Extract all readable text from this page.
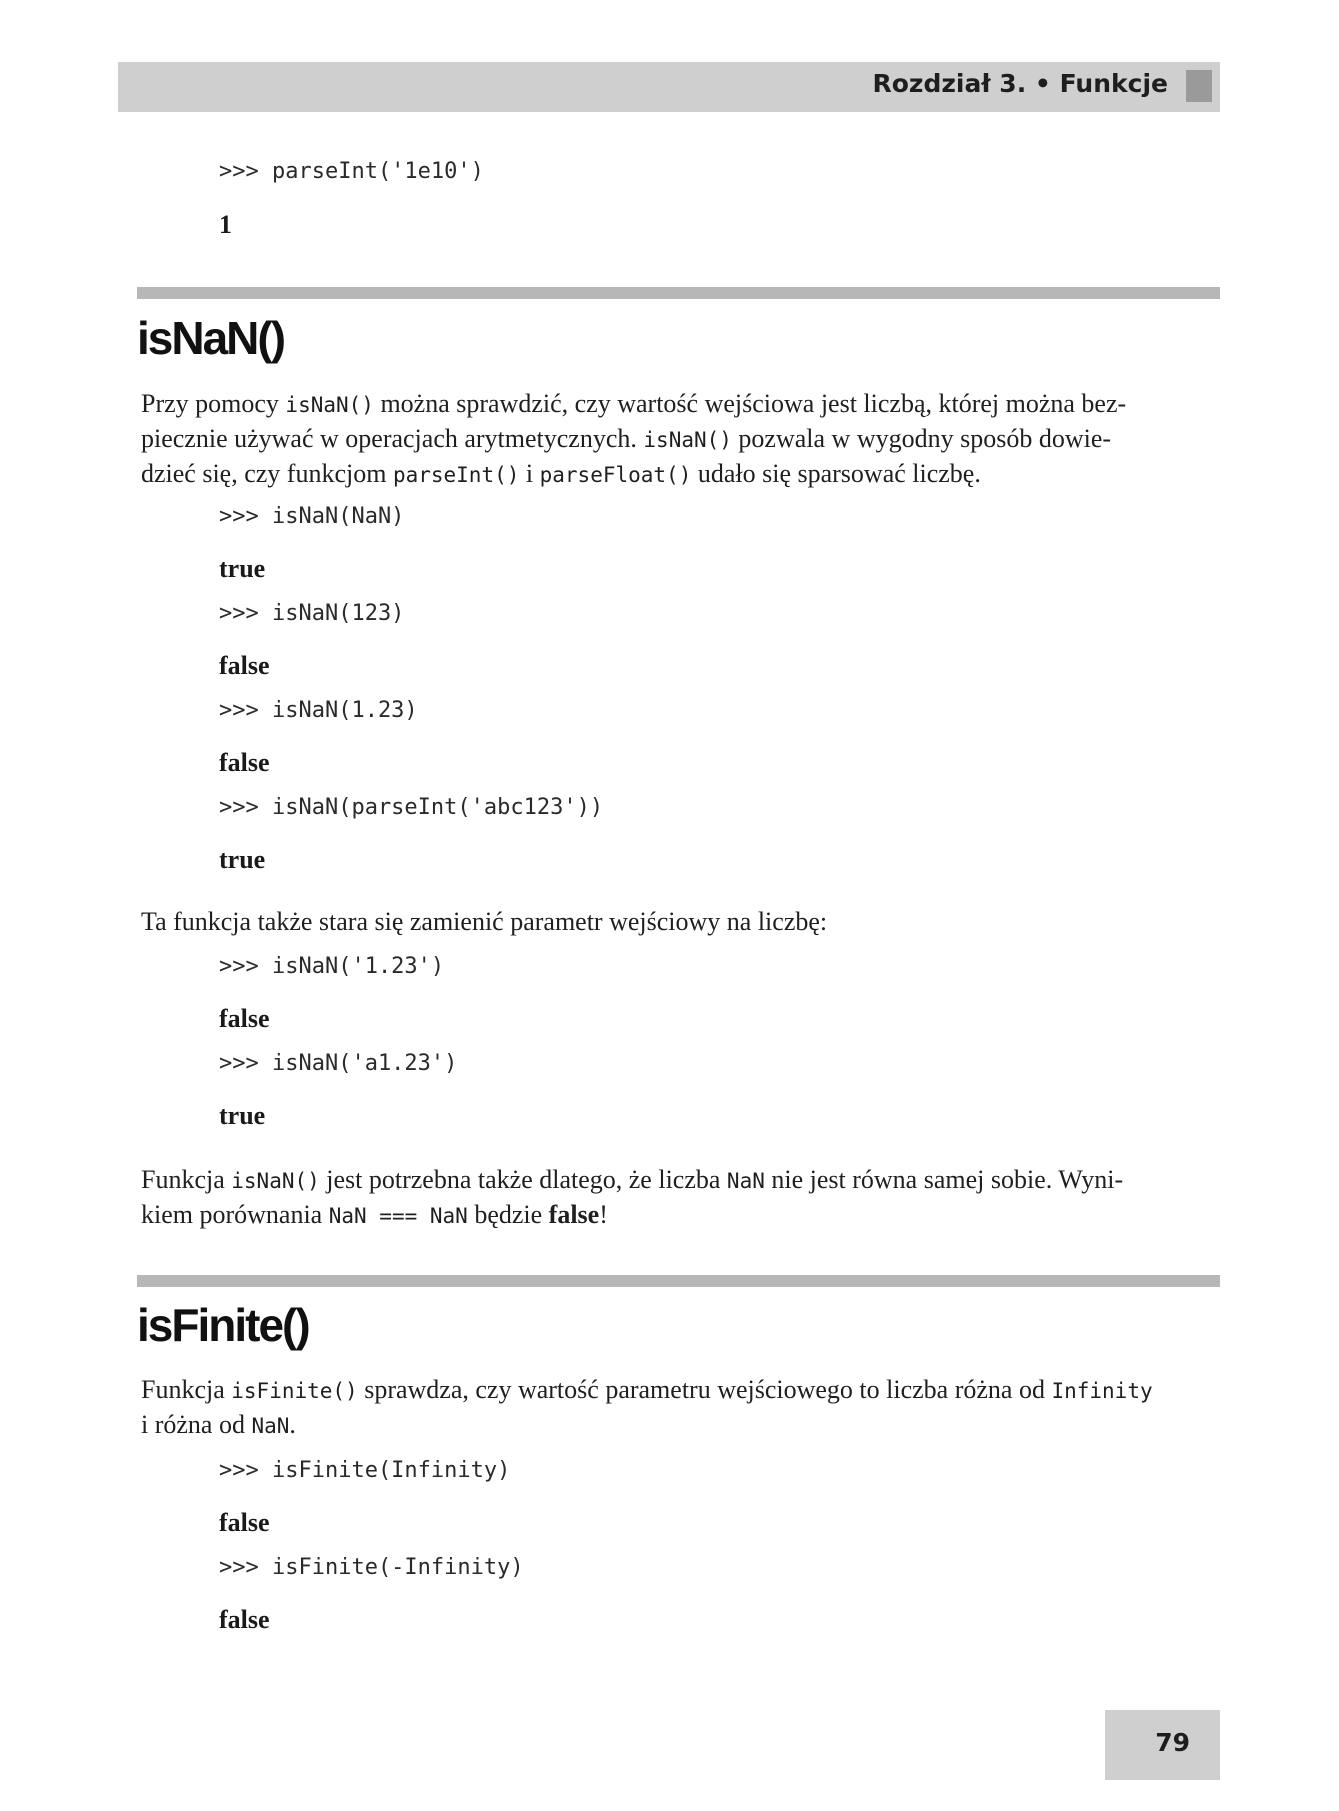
Rozdział 3. • Funkcje
>>> parseInt('1e10')
1
isNaN()
Przy pomocy isNaN() można sprawdzić, czy wartość wejściowa jest liczbą, której można bez-
piecznie używać w operacjach arytmetycznych. isNaN() pozwala w wygodny sposób dowie-
dzieć się, czy funkcjom parseInt() i parseFloat() udało się sparsować liczbę.
>>> isNaN(NaN)
true
>>> isNaN(123)
false
>>> isNaN(1.23)
false
>>> isNaN(parseInt('abc123'))
true
Ta funkcja także stara się zamienić parametr wejściowy na liczbę:
>>> isNaN('1.23')
false
>>> isNaN('a1.23')
true
Funkcja isNaN() jest potrzebna także dlatego, że liczba NaN nie jest równa samej sobie. Wyni-
kiem porównania NaN === NaN będzie false!
isFinite()
Funkcja isFinite() sprawdza, czy wartość parametru wejściowego to liczba różna od Infinity
i różna od NaN.
>>> isFinite(Infinity)
false
>>> isFinite(-Infinity)
false
79
